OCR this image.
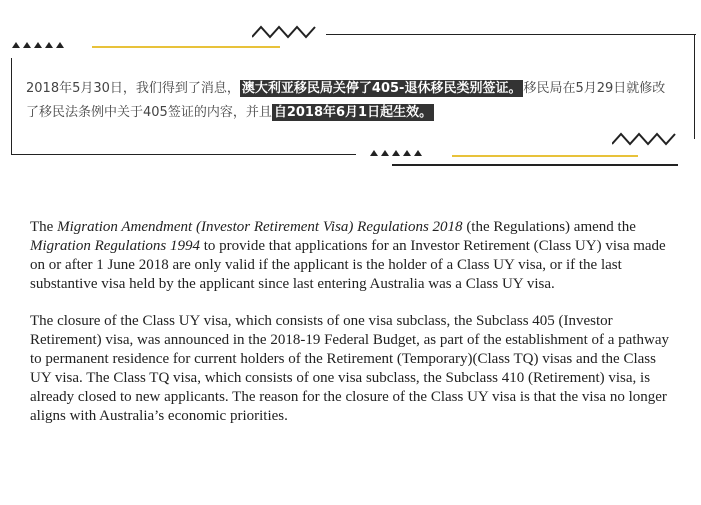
2018年5月30日，我们得到了消息， 澳大利亚移民局关停了405-退休移民类别签证。 移民局在5月29日就修改了移民法条例中关于405签证的内容，并且 自2018年6月1日起生效。

The Migration Amendment (Investor Retirement Visa) Regulations 2018 (the Regulations) amend the Migration Regulations 1994 to provide that applications for an Investor Retirement (Class UY) visa made on or after 1 June 2018 are only valid if the applicant is the holder of a Class UY visa, or if the last substantive visa held by the applicant since last entering Australia was a Class UY visa.

The closure of the Class UY visa, which consists of one visa subclass, the Subclass 405 (Investor Retirement) visa, was announced in the 2018-19 Federal Budget, as part of the establishment of a pathway to permanent residence for current holders of the Retirement (Temporary)(Class TQ) visas and the Class UY visa. The Class TQ visa, which consists of one visa subclass, the Subclass 410 (Retirement) visa, is already closed to new applicants. The reason for the closure of the Class UY visa is that the visa no longer aligns with Australia’s economic priorities.
